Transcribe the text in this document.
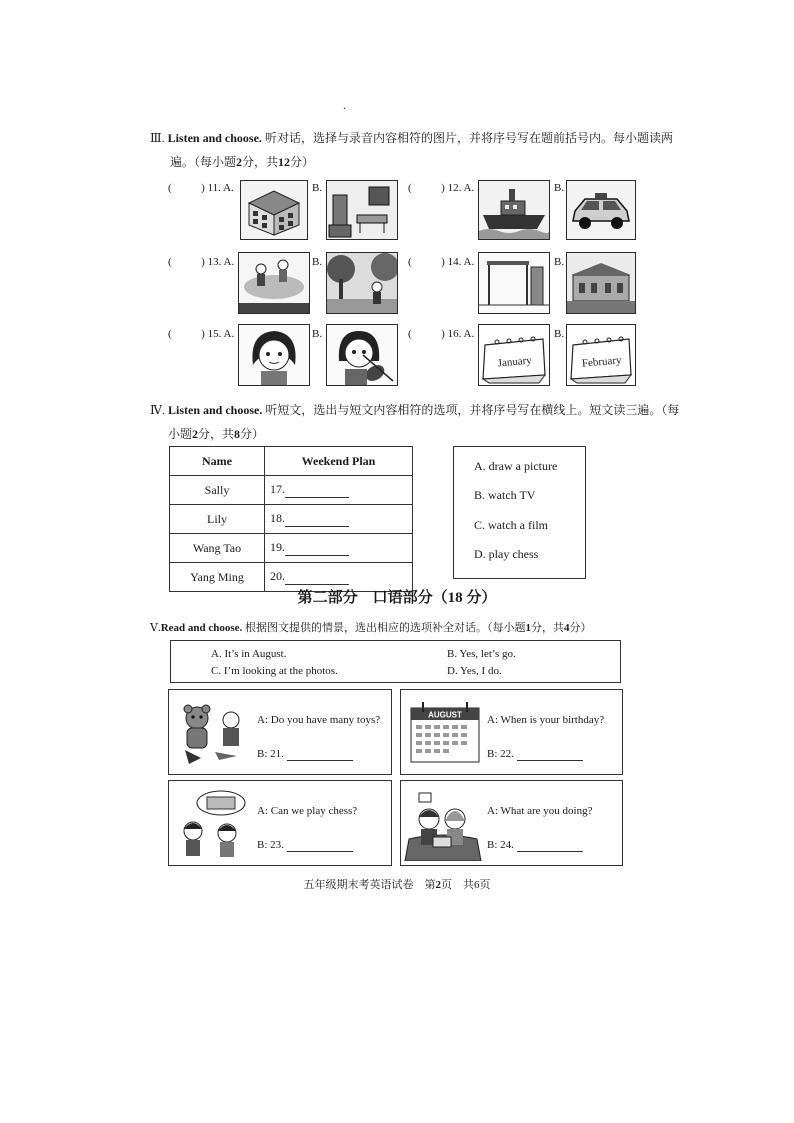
.
Ⅲ. Listen and choose. 听对话，选择与录音内容相符的图片，并将序号写在题前括号内。每小题读两
遍。（每小题2分，共12分）
(	) 11. A.	B.	(	) 12. A.	B.
(	) 13. A.	B.	(	) 14. A.	B.
(	) 15. A.	B.	(	) 16. A.
January
B.
February
Ⅳ. Listen and choose. 听短文，选出与短文内容相符的选项，并将序号写在横线上。短文读三遍。（每
小题2分，共8分）
Name	Weekend Plan
Sally	17.
Lily	18.
Wang Tao	19.
Yang Ming	20.
A. draw a picture
B. watch TV
C. watch a film
D. play chess
第二部分　口语部分（18 分）
Ⅴ.Read and choose. 根据图文提供的情景，选出相应的选项补全对话。（每小题1分，共4分）
A. It’s in August.	B. Yes, let’s go.
C. I’m looking at the photos.	D. Yes, I do.
A: Do you have many toys?
B: 21.
AUGUST A: When is your birthday?
B: 22.
A: Can we play chess?
B: 23.
A: What are you doing?
B: 24.
五年级期末考英语试卷　第2页　共6页
